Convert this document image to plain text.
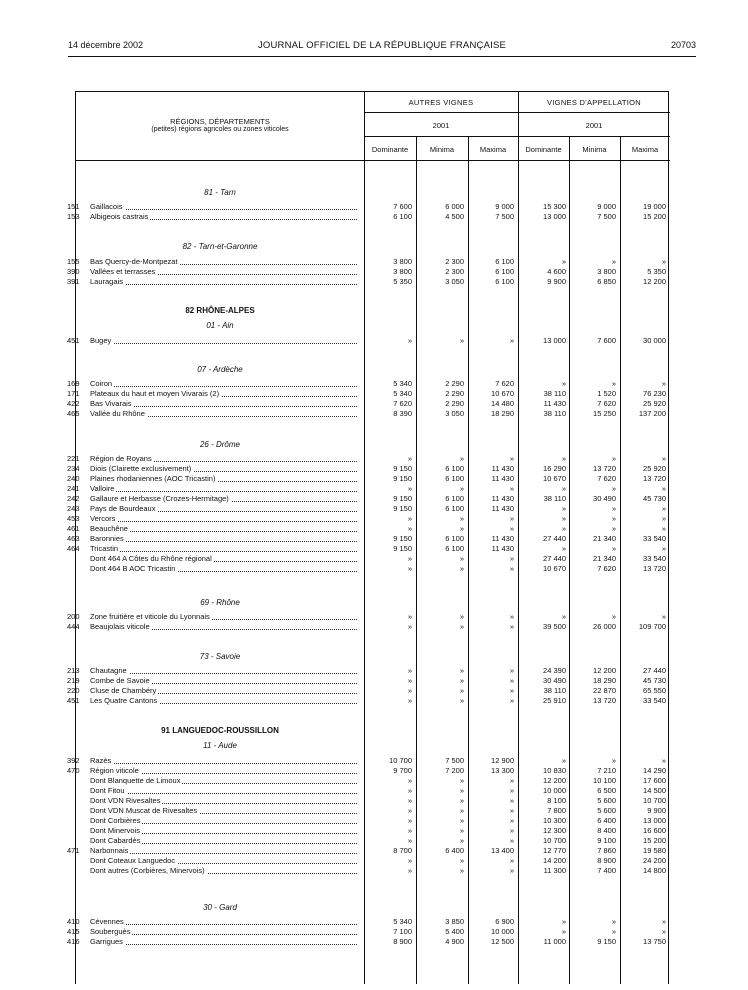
14 décembre 2002	JOURNAL OFFICIEL DE LA RÉPUBLIQUE FRANÇAISE	20703
RÉGIONS, DÉPARTEMENTS
(petites) régions agricoles ou zones viticoles
AUTRES VIGNES	VIGNES D'APPELLATION
2001	2001
Dominante	Minima	Maxima	Dominante	Minima	Maxima
81 - Tarn
151	Gaillacois	7 600	6 000	9 000	15 300	9 000	19 000
153	Albigeois castrais	6 100	4 500	7 500	13 000	7 500	15 200
82 - Tarn-et-Garonne
155	Bas Quercy-de-Montpezat	3 800	2 300	6 100	»	»	»
390	Vallées et terrasses	3 800	2 300	6 100	4 600	3 800	5 350
391	Lauragais	5 350	3 050	6 100	9 900	6 850	12 200
82 RHÔNE-ALPES
01 - Ain
451	Bugey	»	»	»	13 000	7 600	30 000
07 - Ardèche
169	Coiron	5 340	2 290	7 620	»	»	»
171	Plateaux du haut et moyen Vivarais (2)	5 340	2 290	10 670	38 110	1 520	76 230
422	Bas Vivarais	7 620	2 290	14 480	11 430	7 620	25 920
465	Vallée du Rhône	8 390	3 050	18 290	38 110	15 250	137 200
26 - Drôme
221	Région de Royans	»	»	»	»	»	»
234	Diois (Clairette exclusivement)	9 150	6 100	11 430	16 290	13 720	25 920
240	Plaines rhodaniennes (AOC Tricastin)	9 150	6 100	11 430	10 670	7 620	13 720
241	Valloire	»	»	»	»	»	»
242	Gallaure et Herbasse (Crozes-Hermitage)	9 150	6 100	11 430	38 110	30 490	45 730
243	Pays de Bourdeaux	9 150	6 100	11 430	»	»	»
453	Vercors	»	»	»	»	»	»
461	Beauchêne	»	»	»	»	»	»
463	Baronnies	9 150	6 100	11 430	27 440	21 340	33 540
464	Tricastin	9 150	6 100	11 430	»	»	»
Dont 464 A Côtes du Rhône régional	»	»	»	27 440	21 340	33 540
Dont 464 B AOC Tricastin	»	»	»	10 670	7 620	13 720
69 - Rhône
200	Zone fruitière et viticole du Lyonnais	»	»	»	»	»	»
444	Beaujolais viticole	»	»	»	39 500	26 000	109 700
73 - Savoie
213	Chautagne	»	»	»	24 390	12 200	27 440
219	Combe de Savoie	»	»	»	30 490	18 290	45 730
220	Cluse de Chambéry	»	»	»	38 110	22 870	65 550
451	Les Quatre Cantons	»	»	»	25 910	13 720	33 540
91 LANGUEDOC-ROUSSILLON
11 - Aude
392	Razès	10 700	7 500	12 900	»	»	»
470	Région viticole	9 700	7 200	13 300	10 830	7 210	14 290
Dont Blanquette de Limoux	»	»	»	12 200	10 100	17 600
Dont Fitou	»	»	»	10 000	6 500	14 500
Dont VDN Rivesaltes	»	»	»	8 100	5 600	10 700
Dont VDN Muscat de Rivesaltes	»	»	»	7 800	5 600	9 900
Dont Corbières	»	»	»	10 300	6 400	13 000
Dont Minervois	»	»	»	12 300	8 400	16 600
Dont Cabardès	»	»	»	10 700	9 100	15 200
471	Narbonnais	8 700	6 400	13 400	12 770	7 860	19 580
Dont Coteaux Languedoc	»	»	»	14 200	8 900	24 200
Dont autres (Corbières, Minervois)	»	»	»	11 300	7 400	14 800
30 - Gard
410	Cévennes	5 340	3 850	6 900	»	»	»
415	Souberguès	7 100	5 400	10 000	»	»	»
416	Garrigues	8 900	4 900	12 500	11 000	9 150	13 750
